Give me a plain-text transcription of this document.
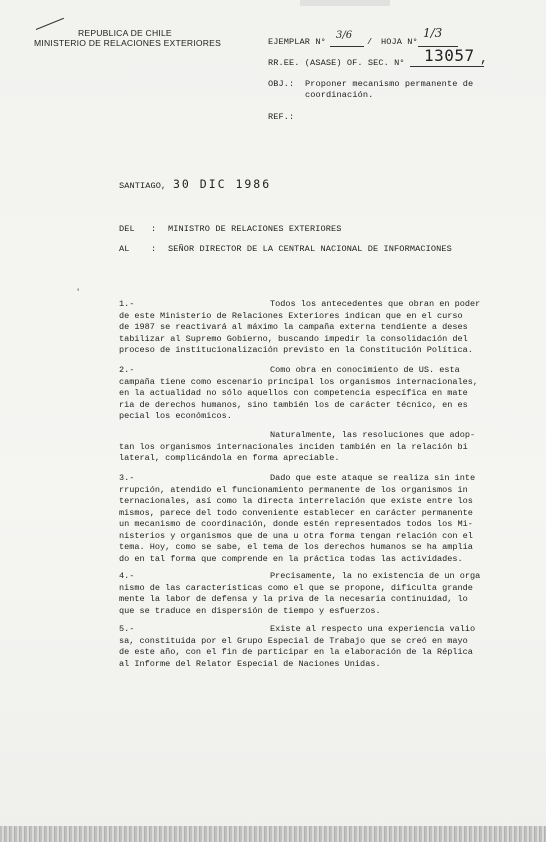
REPUBLICA DE CHILE
MINISTERIO DE RELACIONES EXTERIORES	EJEMPLAR N°
3/6
/ HOJA N°
1/3
RR.EE. (ASASE) OF. SEC. N° 13057 ,
OBJ.: Proponer mecanismo permanente de
coordinación.
REF.:
SANTIAGO, 30 DIC 1986
DEL : MINISTRO DE RELACIONES EXTERIORES
AL : SEÑOR DIRECTOR DE LA CENTRAL NACIONAL DE INFORMACIONES
'
1.-	Todos los antecedentes que obran en poder
de este Ministerio de Relaciones Exteriores indican que en el curso
de 1987 se reactivará al máximo la campaña externa tendiente a deses
tabilizar al Supremo Gobierno, buscando impedir la consolidación del
proceso de institucionalización previsto en la Constitución Política.
2.-	Como obra en conocimiento de US. esta
campaña tiene como escenario principal los organismos internacionales,
en la actualidad no sólo aquellos con competencia específica en mate
ria de derechos humanos, sino también los de carácter técnico, en es
pecial los económicos.
Naturalmente, las resoluciones que adop-
tan los organismos internacionales inciden también en la relación bi
lateral, complicándola en forma apreciable.
3.-	Dado que este ataque se realiza sin inte
rrupción, atendido el funcionamiento permanente de los organismos in
ternacionales, así como la directa interrelación que existe entre los
mismos, parece del todo conveniente establecer en carácter permanente
un mecanismo de coordinación, donde estén representados todos los Mi-
nisterios y organismos que de una u otra forma tengan relación con el
tema. Hoy, como se sabe, el tema de los derechos humanos se ha amplia
do en tal forma que comprende en la práctica todas las actividades.
4.-	Precisamente, la no existencia de un orga
nismo de las características como el que se propone, dificulta grande
mente la labor de defensa y la priva de la necesaria continuidad, lo
que se traduce en dispersión de tiempo y esfuerzos.
5.-	Existe al respecto una experiencia valio
sa, constituida por el Grupo Especial de Trabajo que se creó en mayo
de este año, con el fin de participar en la elaboración de la Réplica
al Informe del Relator Especial de Naciones Unidas.
